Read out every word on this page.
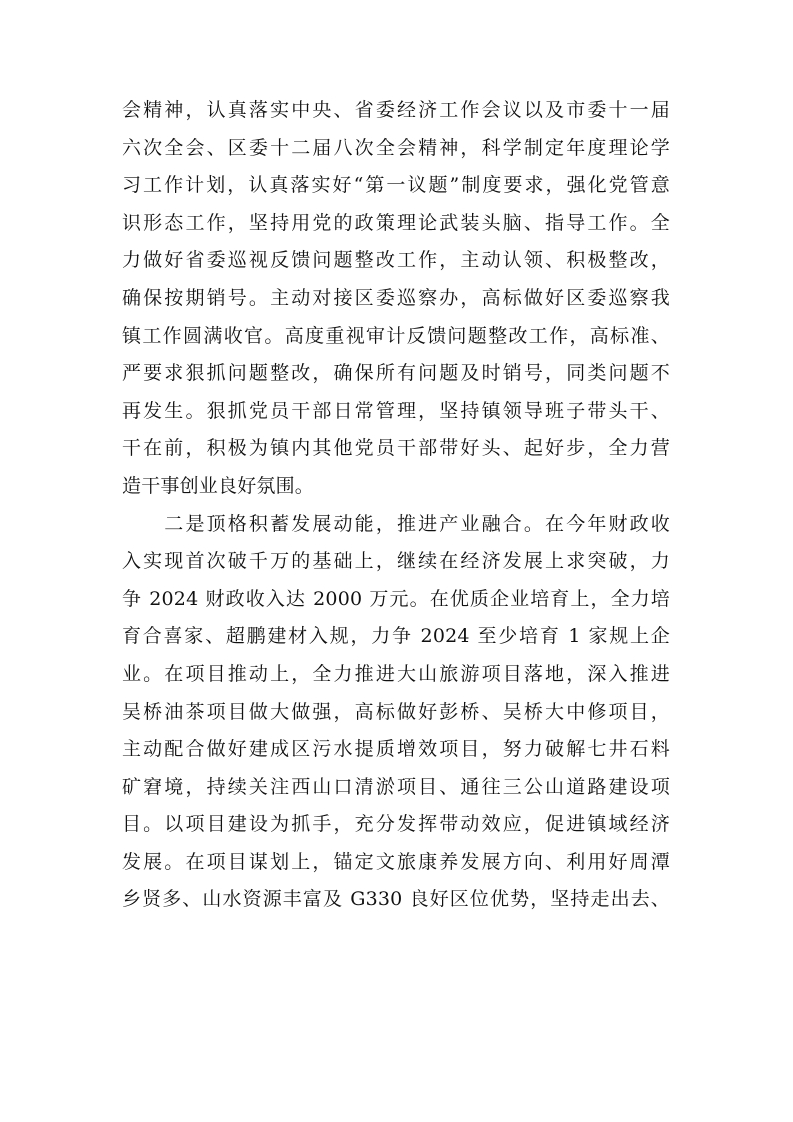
会精神，认真落实中央、省委经济工作会议以及市委十一届
六次全会、区委十二届八次全会精神，科学制定年度理论学
习工作计划，认真落实好“第一议题”制度要求，强化党管意
识形态工作，坚持用党的政策理论武装头脑、指导工作。全
力做好省委巡视反馈问题整改工作，主动认领、积极整改，
确保按期销号。主动对接区委巡察办，高标做好区委巡察我
镇工作圆满收官。高度重视审计反馈问题整改工作，高标准、
严要求狠抓问题整改，确保所有问题及时销号，同类问题不
再发生。狠抓党员干部日常管理，坚持镇领导班子带头干、
干在前，积极为镇内其他党员干部带好头、起好步，全力营
造干事创业良好氛围。
　　二是顶格积蓄发展动能，推进产业融合。在今年财政收
入实现首次破千万的基础上，继续在经济发展上求突破，力
争 2024 财政收入达 2000 万元。在优质企业培育上，全力培
育合喜家、超鹏建材入规，力争 2024 至少培育 1 家规上企
业。在项目推动上，全力推进大山旅游项目落地，深入推进
吴桥油茶项目做大做强，高标做好彭桥、吴桥大中修项目，
主动配合做好建成区污水提质增效项目，努力破解七井石料
矿窘境，持续关注西山口清淤项目、通往三公山道路建设项
目。以项目建设为抓手，充分发挥带动效应，促进镇域经济
发展。在项目谋划上，锚定文旅康养发展方向、利用好周潭
乡贤多、山水资源丰富及 G330 良好区位优势，坚持走出去、
